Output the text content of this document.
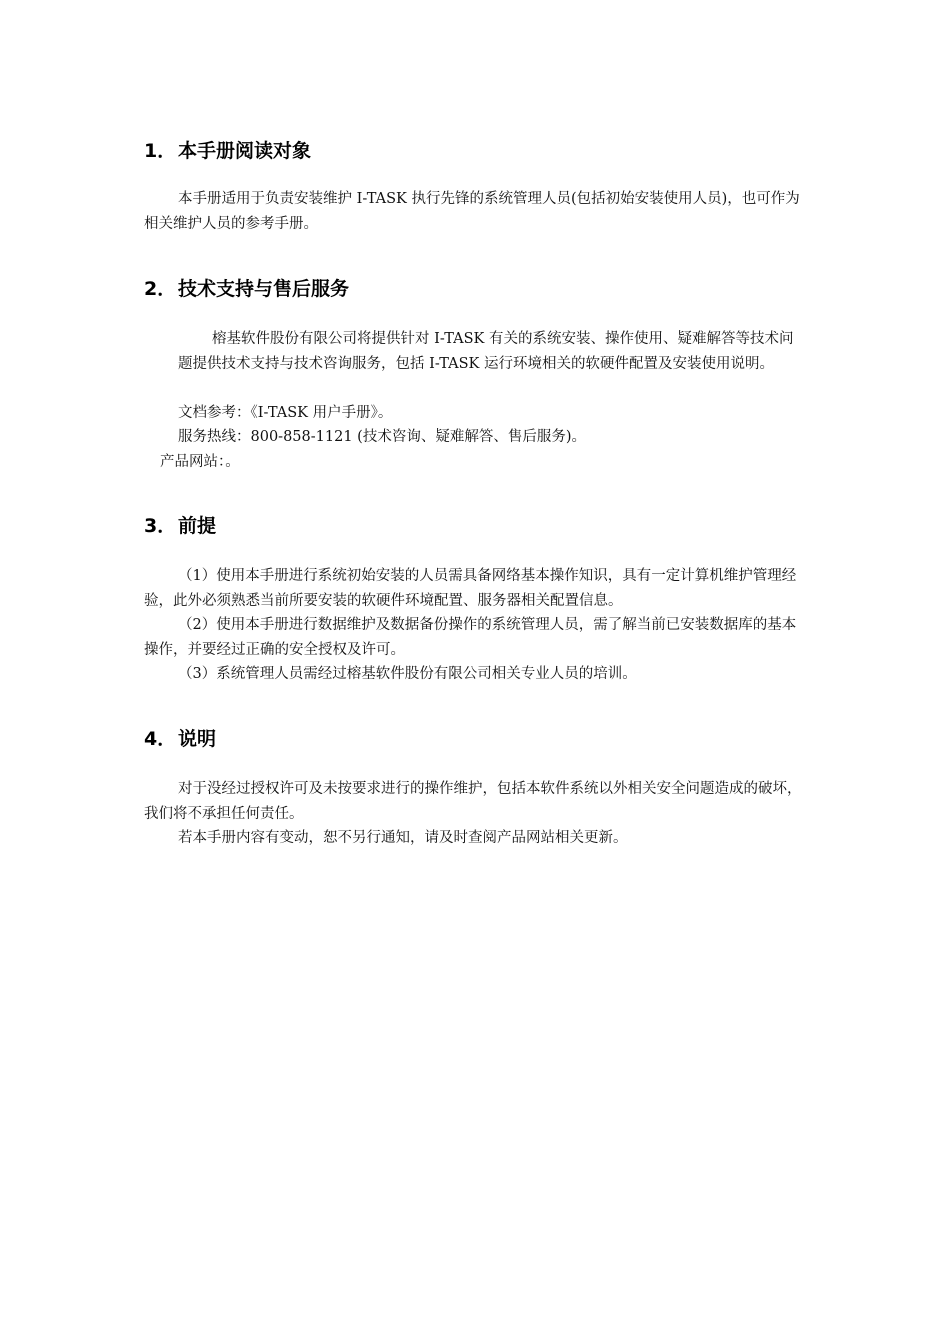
1．本手册阅读对象

本手册适用于负责安装维护 I-TASK 执行先锋的系统管理人员(包括初始安装使用人员)，也可作为相关维护人员的参考手册。

2．技术支持与售后服务

榕基软件股份有限公司将提供针对 I-TASK 有关的系统安装、操作使用、疑难解答等技术问题提供技术支持与技术咨询服务，包括 I-TASK 运行环境相关的软硬件配置及安装使用说明。

文档参考：《I-TASK 用户手册》。

服务热线：800-858-1121 (技术咨询、疑难解答、售后服务)。

产品网站：。

3．前提

（1）使用本手册进行系统初始安装的人员需具备网络基本操作知识，具有一定计算机维护管理经验，此外必须熟悉当前所要安装的软硬件环境配置、服务器相关配置信息。

（2）使用本手册进行数据维护及数据备份操作的系统管理人员，需了解当前已安装数据库的基本操作，并要经过正确的安全授权及许可。

（3）系统管理人员需经过榕基软件股份有限公司相关专业人员的培训。

4．说明

对于没经过授权许可及未按要求进行的操作维护，包括本软件系统以外相关安全问题造成的破坏，我们将不承担任何责任。

若本手册内容有变动，恕不另行通知，请及时查阅产品网站相关更新。
